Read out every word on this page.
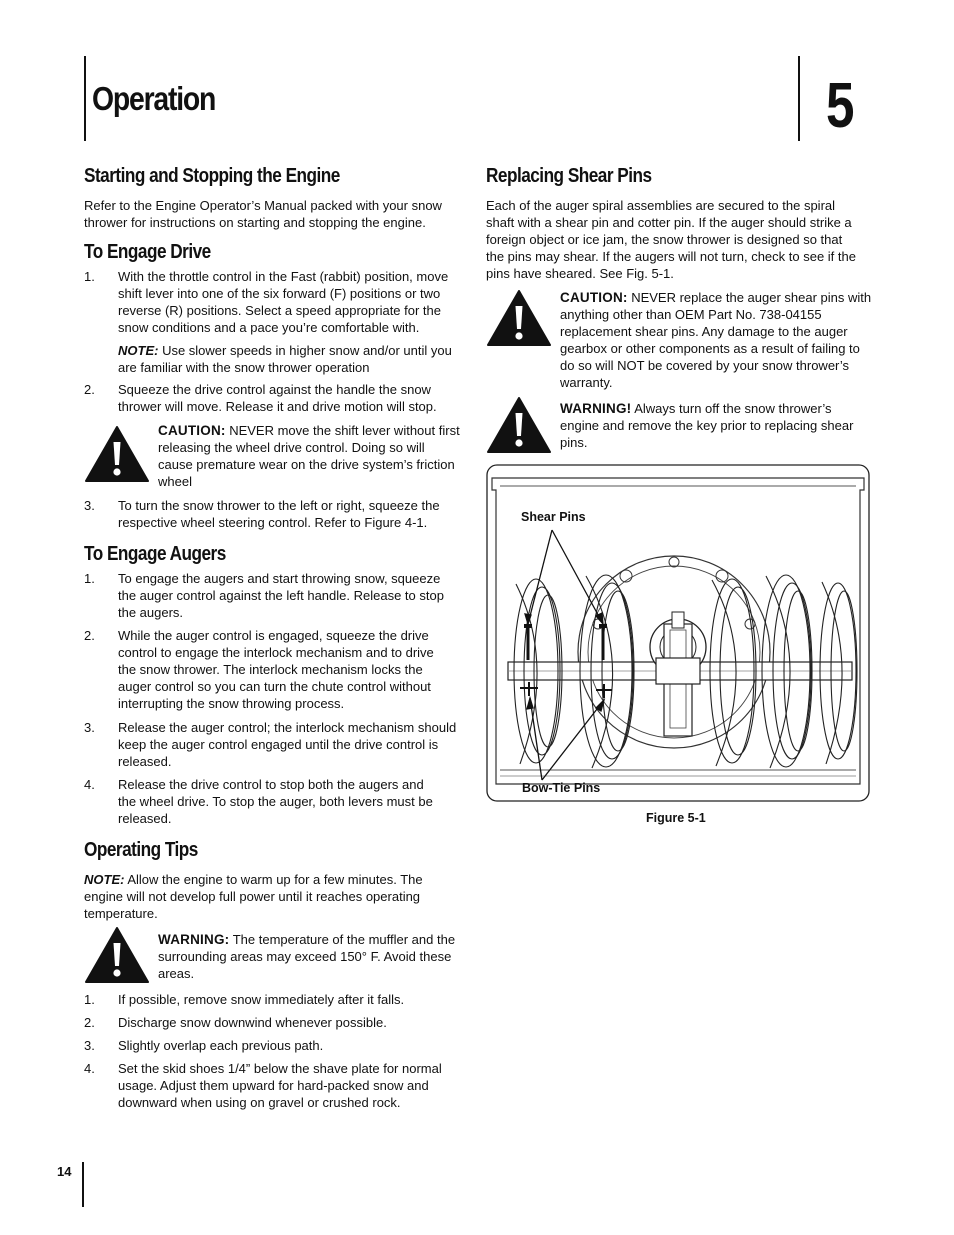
Operation	5
Starting and Stopping the Engine
Refer to the Engine Operator’s Manual packed with your snow
thrower for instructions on starting and stopping the engine.
To Engage Drive
1. With the throttle control in the Fast (rabbit) position, move
shift lever into one of the six forward (F) positions or two
reverse (R) positions. Select a speed appropriate for the
snow conditions and a pace you’re comfortable with.
NOTE: Use slower speeds in higher snow and/or until you
are familiar with the snow thrower operation
2. Squeeze the drive control against the handle the snow
thrower will move. Release it and drive motion will stop.
CAUTION: NEVER move the shift lever without first
releasing the wheel drive control. Doing so will
cause premature wear on the drive system’s friction
wheel
3. To turn the snow thrower to the left or right, squeeze the
respective wheel steering control. Refer to Figure 4-1.
To Engage Augers
1. To engage the augers and start throwing snow, squeeze
the auger control against the left handle. Release to stop
the augers.
2. While the auger control is engaged, squeeze the drive
control to engage the interlock mechanism and to drive
the snow thrower. The interlock mechanism locks the
auger control so you can turn the chute control without
interrupting the snow throwing process.
3. Release the auger control; the interlock mechanism should
keep the auger control engaged until the drive control is
released.
4. Release the drive control to stop both the augers and
the wheel drive. To stop the auger, both levers must be
released.
Operating Tips
NOTE: Allow the engine to warm up for a few minutes. The
engine will not develop full power until it reaches operating
temperature.
WARNING: The temperature of the muffler and the
surrounding areas may exceed 150° F. Avoid these
areas.
1. If possible, remove snow immediately after it falls.
2. Discharge snow downwind whenever possible.
3. Slightly overlap each previous path.
4. Set the skid shoes 1/4” below the shave plate for normal
usage. Adjust them upward for hard-packed snow and
downward when using on gravel or crushed rock.
Replacing Shear Pins
Each of the auger spiral assemblies are secured to the spiral
shaft with a shear pin and cotter pin. If the auger should strike a
foreign object or ice jam, the snow thrower is designed so that
the pins may shear. If the augers will not turn, check to see if the
pins have sheared. See Fig. 5-1.
CAUTION: NEVER replace the auger shear pins with
anything other than OEM Part No. 738-04155
replacement shear pins. Any damage to the auger
gearbox or other components as a result of failing to
do so will NOT be covered by your snow thrower’s
warranty.
WARNING! Always turn off the snow thrower’s
engine and remove the key prior to replacing shear
pins.
Shear Pins
Bow-Tie Pins
Figure 5-1
14
